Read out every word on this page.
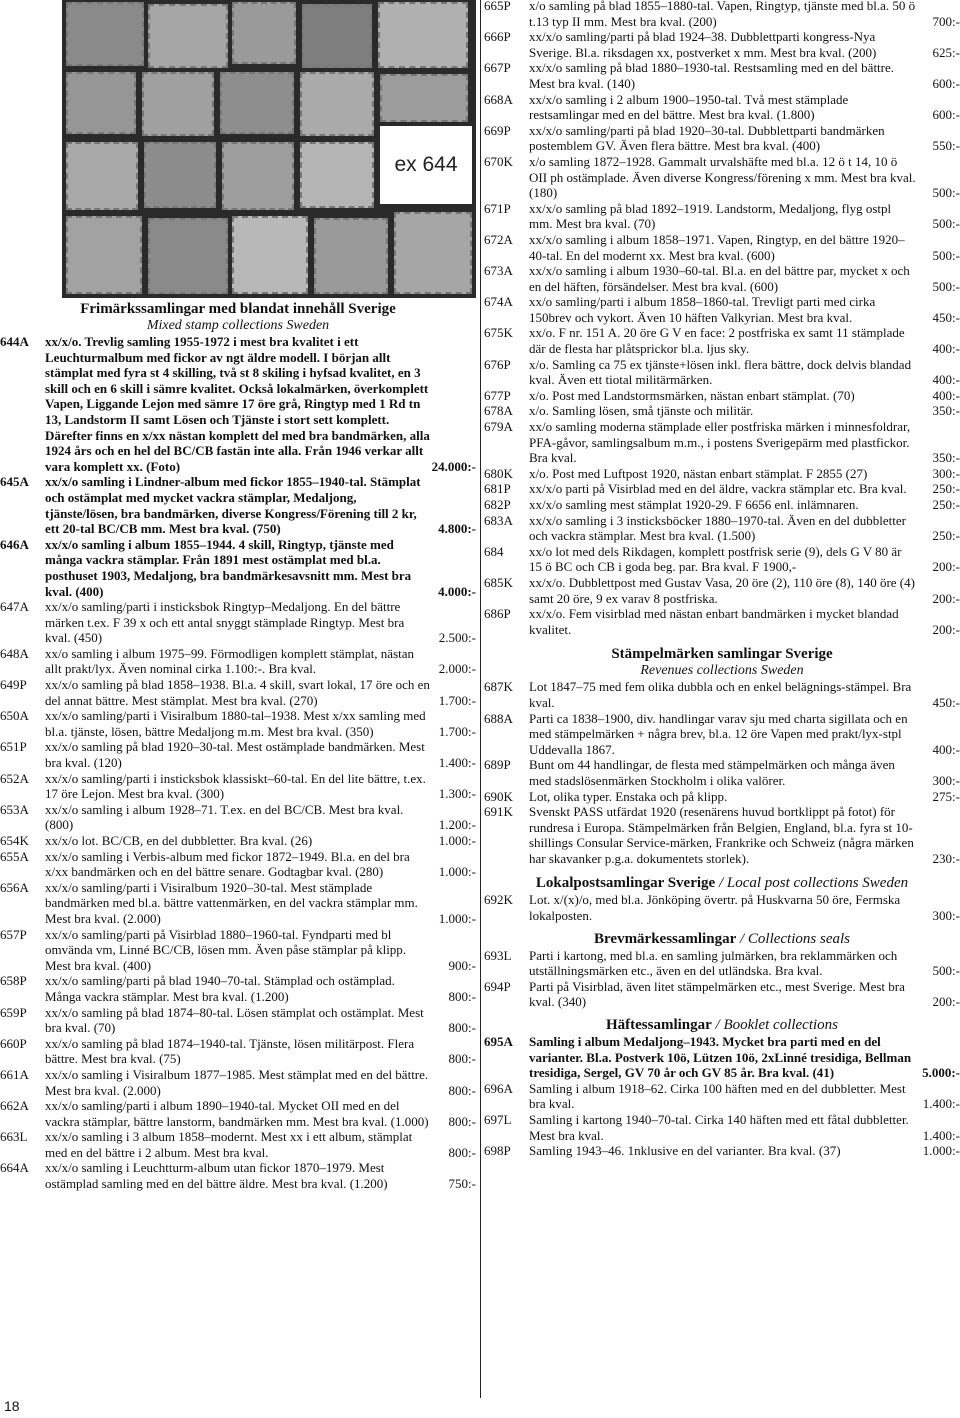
ex 644
Frimärkssamlingar med blandat innehåll Sverige
Mixed stamp collections Sweden
644A xx/x/o. Trevlig samling 1955-1972 i mest bra kvalitet i ett Leuchturmalbum med fickor av ngt äldre modell. I början allt stämplat med fyra st 4 skilling, två st 8 skiling i hyfsad kvalitet, en 3 skill och en 6 skill i sämre kvalitet. Också lokalmärken, överkomplett Vapen, Liggande Lejon med sämre 17 öre grå, Ringtyp med 1 Rd tn 13, Landstorm II samt Lösen och Tjänste i stort sett komplett. Därefter finns en x/xx nästan komplett del med bra bandmärken, alla 1924 års och en hel del BC/CB fastän inte alla. Från 1946 verkar allt vara komplett xx. (Foto)	24.000:-
645A xx/x/o samling i Lindner-album med fickor 1855–1940-tal. Stämplat och ostämplat med mycket vackra stämplar, Medaljong, tjänste/lösen, bra bandmärken, diverse Kongress/Förening till 2 kr, ett 20-tal BC/CB mm. Mest bra kval. (750)	4.800:-
646A xx/x/o samling i album 1855–1944. 4 skill, Ringtyp, tjänste med många vackra stämplar. Från 1891 mest ostämplat med bl.a. posthuset 1903, Medaljong, bra bandmärkesavsnitt mm. Mest bra kval. (400)	4.000:-
647A xx/x/o samling/parti i insticksbok Ringtyp–Medaljong. En del bättre märken t.ex. F 39 x och ett antal snyggt stämplade Ringtyp. Mest bra kval. (450)	2.500:-
648A xx/o samling i album 1975–99. Förmodligen komplett stämplat, nästan allt prakt/lyx. Även nominal cirka 1.100:-. Bra kval.	2.000:-
649P xx/x/o samling på blad 1858–1938. Bl.a. 4 skill, svart lokal, 17 öre och en del annat bättre. Mest stämplat. Mest bra kval. (270)	1.700:-
650A xx/x/o samling/parti i Visiralbum 1880-tal–1938. Mest x/xx samling med bl.a. tjänste, lösen, bättre Medaljong m.m. Mest bra kval. (350)	1.700:-
651P xx/x/o samling på blad 1920–30-tal. Mest ostämplade bandmärken. Mest bra kval. (120)	1.400:-
652A xx/x/o samling/parti i insticksbok klassiskt–60-tal. En del lite bättre, t.ex. 17 öre Lejon. Mest bra kval. (300)	1.300:-
653A xx/x/o samling i album 1928–71. T.ex. en del BC/CB. Mest bra kval. (800)	1.200:-
654K xx/x/o lot. BC/CB, en del dubbletter. Bra kval. (26)	1.000:-
655A xx/x/o samling i Verbis-album med fickor 1872–1949. Bl.a. en del bra x/xx bandmärken och en del bättre senare. Godtagbar kval. (280)	1.000:-
656A xx/x/o samling/parti i Visiralbum 1920–30-tal. Mest stämplade bandmärken med bl.a. bättre vattenmärken, en del vackra stämplar mm. Mest bra kval. (2.000)	1.000:-
657P xx/x/o samling/parti på Visirblad 1880–1960-tal. Fyndparti med bl omvända vm, Linné BC/CB, lösen mm. Även påse stämplar på klipp. Mest bra kval. (400)	900:-
658P xx/x/o samling/parti på blad 1940–70-tal. Stämplad och ostämplad. Många vackra stämplar. Mest bra kval. (1.200)	800:-
659P xx/x/o samling på blad 1874–80-tal. Lösen stämplat och ostämplat. Mest bra kval. (70)	800:-
660P xx/x/o samling på blad 1874–1940-tal. Tjänste, lösen militärpost. Flera bättre. Mest bra kval. (75)	800:-
661A xx/x/o samling i Visiralbum 1877–1985. Mest stämplat med en del bättre. Mest bra kval. (2.000)	800:-
662A xx/x/o samling/parti i album 1890–1940-tal. Mycket OII med en del vackra stämplar, bättre lanstorm, bandmärken mm. Mest bra kval. (1.000) 800:-
663L xx/x/o samling i 3 album 1858–modernt. Mest xx i ett album, stämplat med en del bättre i 2 album. Mest bra kval.	800:-
664A xx/x/o samling i Leuchtturm-album utan fickor 1870–1979. Mest ostämplad samling med en del bättre äldre. Mest bra kval. (1.200)	750:-
665P x/o samling på blad 1855–1880-tal. Vapen, Ringtyp, tjänste med bl.a. 50 ö t.13 typ II mm. Mest bra kval. (200)	700:-
666P xx/x/o samling/parti på blad 1924–38. Dubblettparti kongress-Nya Sverige. Bl.a. riksdagen xx, postverket x mm. Mest bra kval. (200)	625:-
667P xx/x/o samling på blad 1880–1930-tal. Restsamling med en del bättre. Mest bra kval. (140)	600:-
668A xx/x/o samling i 2 album 1900–1950-tal. Två mest stämplade restsamlingar med en del bättre. Mest bra kval. (1.800)	600:-
669P xx/x/o samling/parti på blad 1920–30-tal. Dubblettparti bandmärken postemblem GV. Även flera bättre. Mest bra kval. (400)	550:-
670K x/o samling 1872–1928. Gammalt urvalshäfte med bl.a. 12 ö t 14, 10 ö OII ph ostämplade. Även diverse Kongress/förening x mm. Mest bra kval. (180)	500:-
671P xx/x/o samling på blad 1892–1919. Landstorm, Medaljong, flyg ostpl mm. Mest bra kval. (70)	500:-
672A xx/x/o samling i album 1858–1971. Vapen, Ringtyp, en del bättre 1920–40-tal. En del modernt xx. Mest bra kval. (600)	500:-
673A xx/x/o samling i album 1930–60-tal. Bl.a. en del bättre par, mycket x och en del häften, försändelser. Mest bra kval. (600)	500:-
674A xx/o samling/parti i album 1858–1860-tal. Trevligt parti med cirka 150brev och vykort. Även 10 häften Valkyrian. Mest bra kval.	450:-
675K xx/o. F nr. 151 A. 20 öre G V en face: 2 postfriska ex samt 11 stämplade där de flesta har plåtsprickor bl.a. ljus sky.	400:-
676P x/o. Samling ca 75 ex tjänste+lösen inkl. flera bättre, dock delvis blandad kval. Även ett tiotal militärmärken.	400:-
677P x/o. Post med Landstormsmärken, nästan enbart stämplat. (70)	400:-
678A x/o. Samling lösen, små tjänste och militär.	350:-
679A xx/o samling moderna stämplade eller postfriska märken i minnesfoldrar, PFA-gåvor, samlingsalbum m.m., i postens Sverigepärm med plastfickor. Bra kval.	350:-
680K x/o. Post med Luftpost 1920, nästan enbart stämplat. F 2855 (27)	300:-
681P xx/x/o parti på Visirblad med en del äldre, vackra stämplar etc. Bra kval.	250:-
682P xx/x/o samling mest stämplat 1920-29. F 6656 enl. inlämnaren.	250:-
683A xx/x/o samling i 3 insticksböcker 1880–1970-tal. Även en del dubbletter och vackra stämplar. Mest bra kval. (1.500)	250:-
684 xx/o lot med dels Rikdagen, komplett postfrisk serie (9), dels G V 80 är 15 ö BC och CB i goda beg. par. Bra kval. F 1900,-	200:-
685K xx/x/o. Dubblettpost med Gustav Vasa, 20 öre (2), 110 öre (8), 140 öre (4) samt 20 öre, 9 ex varav 8 postfriska.	200:-
686P xx/x/o. Fem visirblad med nästan enbart bandmärken i mycket blandad kvalitet.	200:-
Stämpelmärken samlingar Sverige
Revenues collections Sweden
687K Lot 1847–75 med fem olika dubbla och en enkel belägnings-stämpel. Bra kval.	450:-
688A Parti ca 1838–1900, div. handlingar varav sju med charta sigillata och en med stämpelmärken + några brev, bl.a. 12 öre Vapen med prakt/lyx-stpl Uddevalla 1867.	400:-
689P Bunt om 44 handlingar, de flesta med stämpelmärken och många även med stadslösenmärken Stockholm i olika valörer.	300:-
690K Lot, olika typer. Enstaka och på klipp.	275:-
691K Svenskt PASS utfärdat 1920 (resenärens huvud bortklippt på fotot) för rundresa i Europa. Stämpelmärken från Belgien, England, bl.a. fyra st 10-shillings Consular Service-märken, Frankrike och Schweiz (några märken har skavanker p.g.a. dokumentets storlek).	230:-
Lokalpostsamlingar Sverige / Local post collections Sweden
692K Lot. x/(x)/o, med bl.a. Jönköping övertr. på Huskvarna 50 öre, Fermska lokalposten.	300:-
Brevmärkessamlingar / Collections seals
693L Parti i kartong, med bl.a. en samling julmärken, bra reklammärken och utställningsmärken etc., även en del utländska. Bra kval.	500:-
694P Parti på Visirblad, även litet stämpelmärken etc., mest Sverige. Mest bra kval. (340)	200:-
Häftessamlingar / Booklet collections
695A Samling i album Medaljong–1943. Mycket bra parti med en del varianter. Bl.a. Postverk 10ö, Lützen 10ö, 2xLinné tresidiga, Bellman tresidiga, Sergel, GV 70 år och GV 85 år. Bra kval. (41)	5.000:-
696A Samling i album 1918–62. Cirka 100 häften med en del dubbletter. Mest bra kval.	1.400:-
697L Samling i kartong 1940–70-tal. Cirka 140 häften med ett fåtal dubbletter. Mest bra kval.	1.400:-
698P Samling 1943–46. 1nklusive en del varianter. Bra kval. (37)	1.000:-
18
